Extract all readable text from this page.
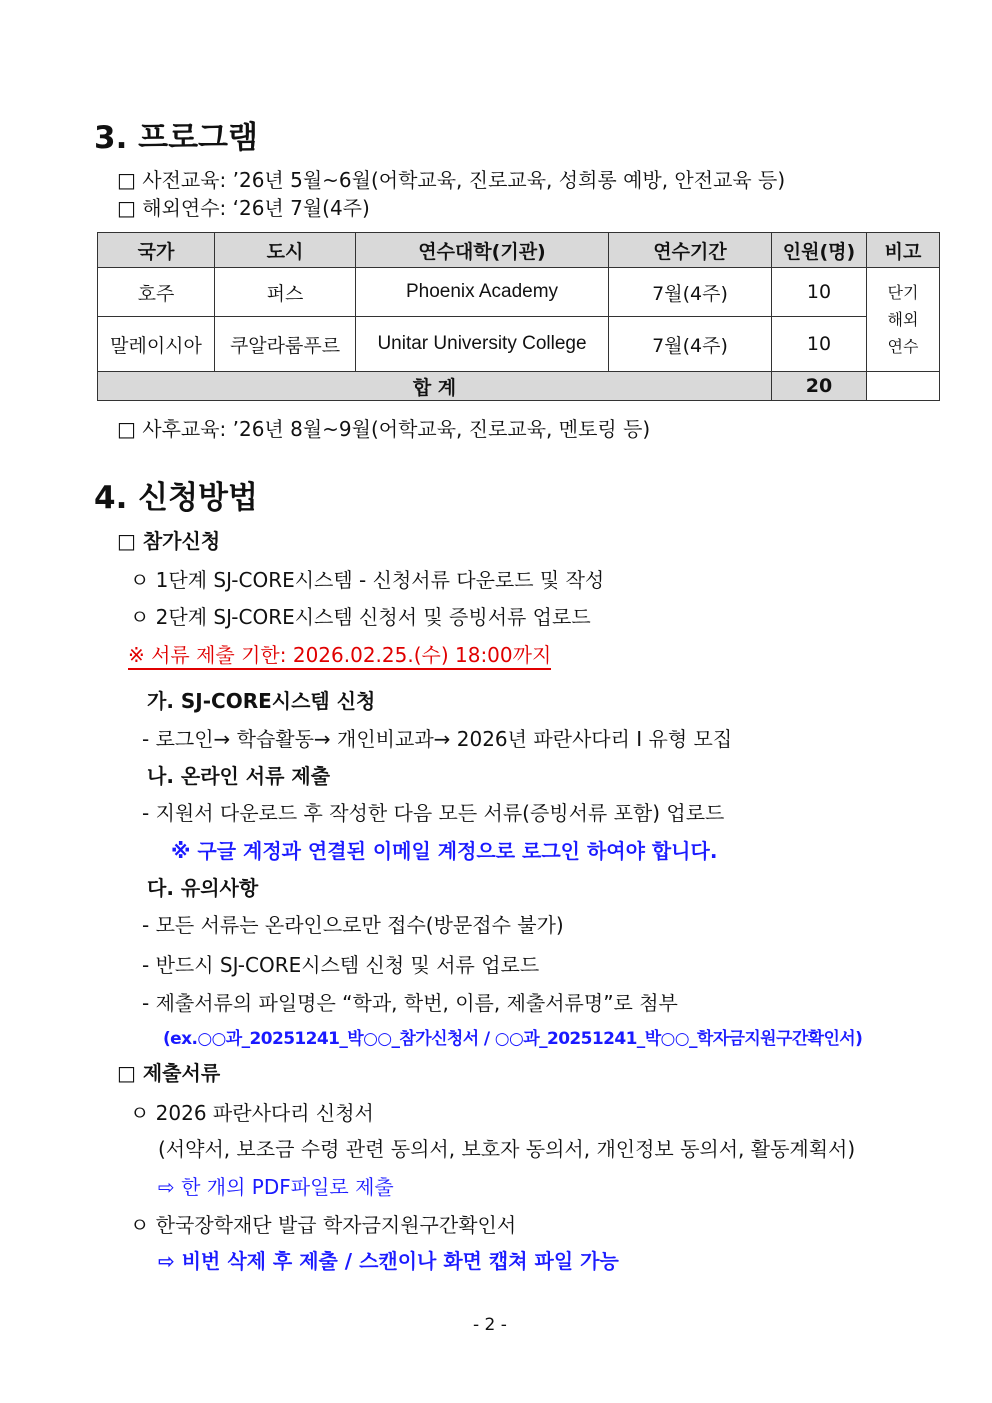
3. 프로그램
□ 사전교육: ’26년 5월~6월(어학교육, 진로교육, 성희롱 예방, 안전교육 등)
□ 해외연수: ‘26년 7월(4주)
국가	도시	연수대학(기관)	연수기간	인원(명)	비고
호주	퍼스	Phoenix Academy	7월(4주)	10	단기
해외
연수

말레이시아	쿠알라룸푸르	Unitar University College	7월(4주)	10	
합 계				20	
□ 사후교육: ’26년 8월~9월(어학교육, 진로교육, 멘토링 등)
4. 신청방법
□ 참가신청
ㅇ 1단계 SJ-CORE시스템 - 신청서류 다운로드 및 작성
ㅇ 2단계 SJ-CORE시스템 신청서 및 증빙서류 업로드
※ 서류 제출 기한: 2026.02.25.(수) 18:00까지
가. SJ-CORE시스템 신청
- 로그인→ 학습활동→ 개인비교과→ 2026년 파란사다리 I 유형 모집
나. 온라인 서류 제출
- 지원서 다운로드 후 작성한 다음 모든 서류(증빙서류 포함) 업로드
※ 구글 계정과 연결된 이메일 계정으로 로그인 하여야 합니다.
다. 유의사항
- 모든 서류는 온라인으로만 접수(방문접수 불가)
- 반드시 SJ-CORE시스템 신청 및 서류 업로드
- 제출서류의 파일명은 “학과, 학번, 이름, 제출서류명”로 첨부
(ex.○○과_20251241_박○○_참가신청서 / ○○과_20251241_박○○_학자금지원구간확인서)
□ 제출서류
ㅇ 2026 파란사다리 신청서
(서약서, 보조금 수령 관련 동의서, 보호자 동의서, 개인정보 동의서, 활동계획서)
⇨ 한 개의 PDF파일로 제출
ㅇ 한국장학재단 발급 학자금지원구간확인서
⇨ 비번 삭제 후 제출 / 스캔이나 화면 캡쳐 파일 가능
- 2 -
